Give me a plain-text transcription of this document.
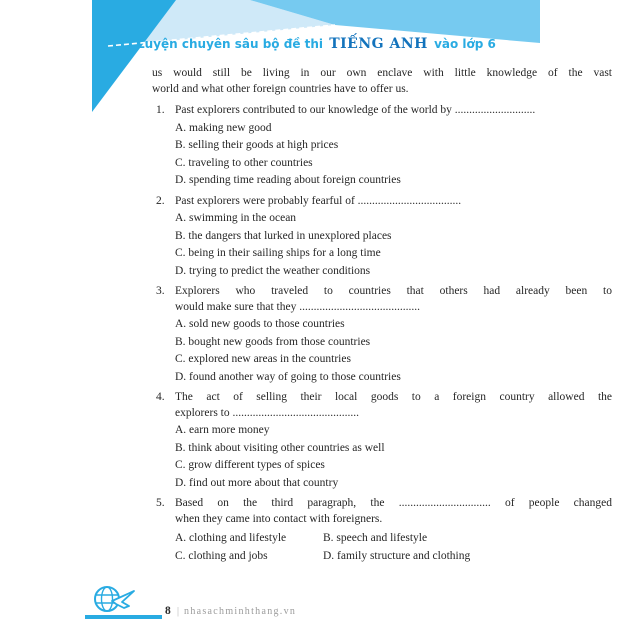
Luyện chuyên sâu bộ đề thi TIẾNG ANH vào lớp 6

us would still be living in our own enclave with little knowledge of the vast
world and what other foreign countries have to offer us.

1. Past explorers contributed to our knowledge of the world by ............................
A. making new good
B. selling their goods at high prices
C. traveling to other countries
D. spending time reading about foreign countries
2. Past explorers were probably fearful of ....................................
A. swimming in the ocean
B. the dangers that lurked in unexplored places
C. being in their sailing ships for a long time
D. trying to predict the weather conditions
3. Explorers who traveled to countries that others had already been to
would make sure that they ..........................................
A. sold new goods to those countries
B. bought new goods from those countries
C. explored new areas in the countries
D. found another way of going to those countries
4. The act of selling their local goods to a foreign country allowed the
explorers to ............................................
A. earn more money
B. think about visiting other countries as well
C. grow different types of spices
D. find out more about that country
5. Based on the third paragraph, the ................................ of people changed
when they came into contact with foreigners.
A. clothing and lifestyle	B. speech and lifestyle
C. clothing and jobs	D. family structure and clothing
8 | nhasachminhthang.vn
